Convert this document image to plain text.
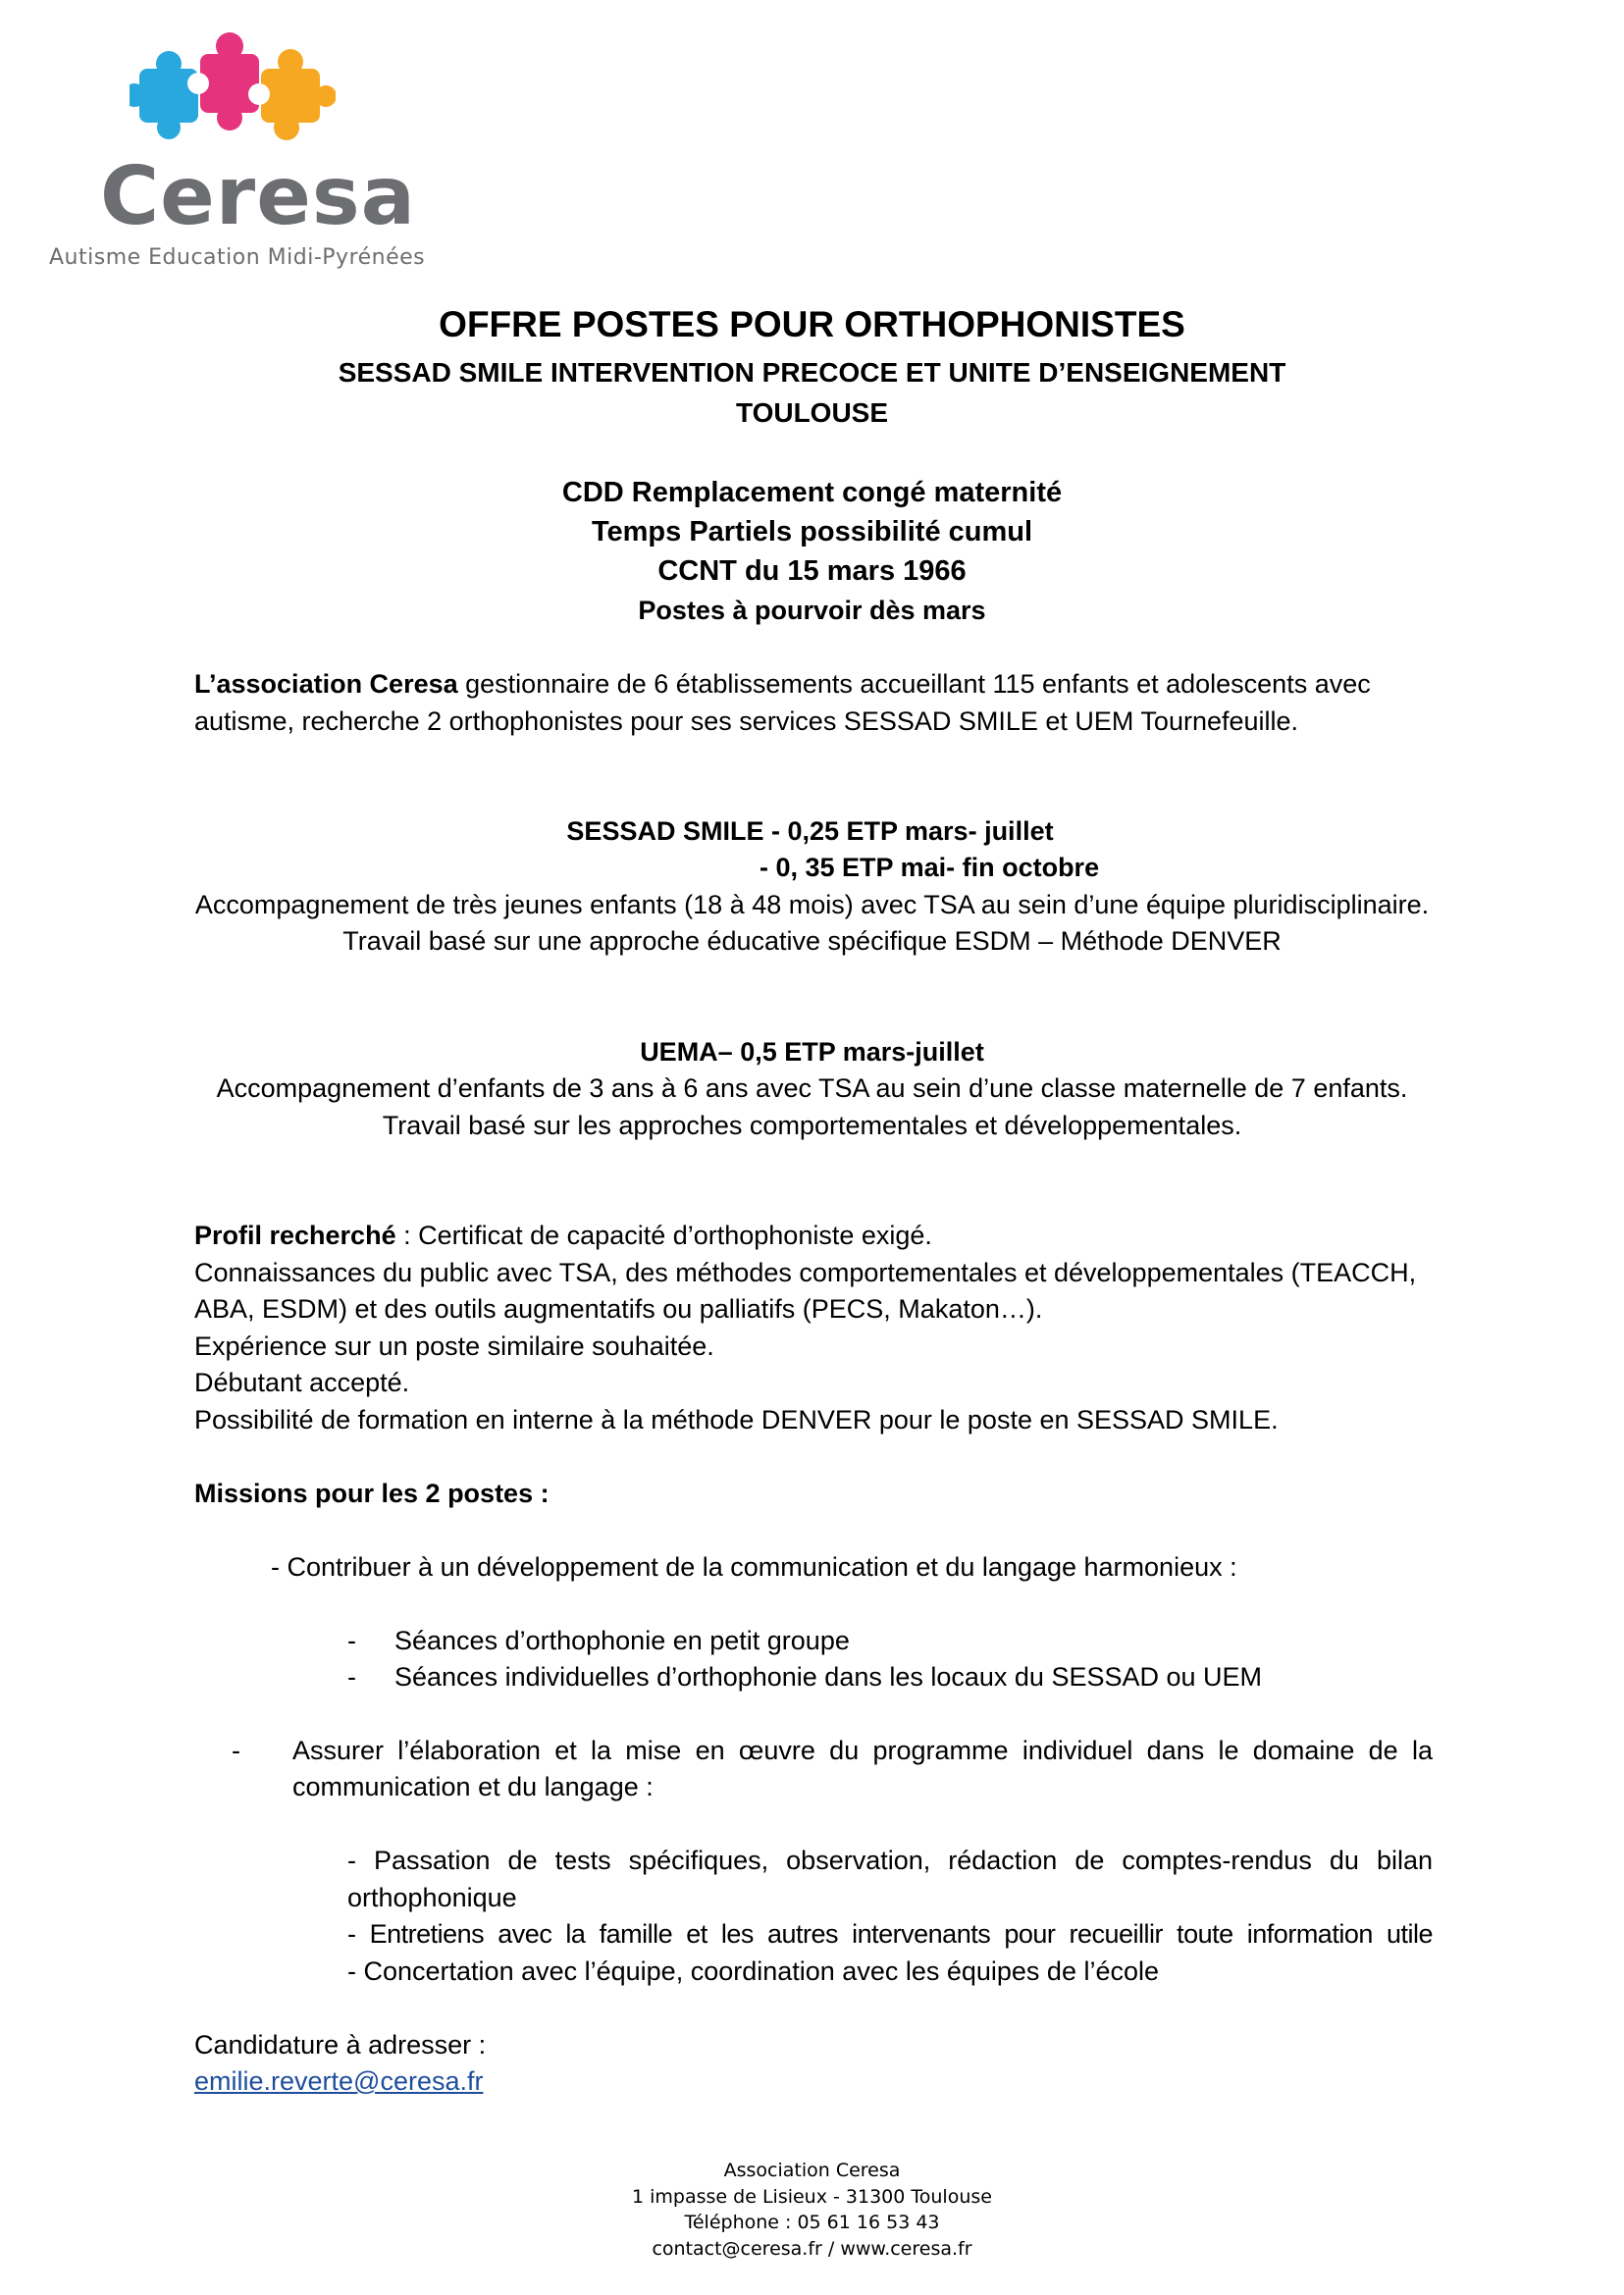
Ceresa
Autisme Education Midi-Pyrénées
OFFRE POSTES POUR ORTHOPHONISTES
SESSAD SMILE INTERVENTION PRECOCE ET UNITE D’ENSEIGNEMENT
TOULOUSE
CDD Remplacement congé maternité
Temps Partiels possibilité cumul
CCNT du 15 mars 1966
Postes à pourvoir dès mars
L’association Ceresa gestionnaire de 6 établissements accueillant 115 enfants et adolescents avec
autisme, recherche 2 orthophonistes pour ses services SESSAD SMILE et UEM Tournefeuille.
SESSAD SMILE - 0,25 ETP mars- juillet
- 0, 35 ETP mai- fin octobre
Accompagnement de très jeunes enfants (18 à 48 mois) avec TSA au sein d’une équipe pluridisciplinaire.
Travail basé sur une approche éducative spécifique ESDM – Méthode DENVER
UEMA– 0,5 ETP mars-juillet
Accompagnement d’enfants de 3 ans à 6 ans avec TSA au sein d’une classe maternelle de 7 enfants.
Travail basé sur les approches comportementales et développementales.
Profil recherché : Certificat de capacité d’orthophoniste exigé.
Connaissances du public avec TSA, des méthodes comportementales et développementales (TEACCH,
ABA, ESDM) et des outils augmentatifs ou palliatifs (PECS, Makaton…).
Expérience sur un poste similaire souhaitée.
Débutant accepté.
Possibilité de formation en interne à la méthode DENVER pour le poste en SESSAD SMILE.
Missions pour les 2 postes :
- Contribuer à un développement de la communication et du langage harmonieux :
- Séances d’orthophonie en petit groupe
- Séances individuelles d’orthophonie dans les locaux du SESSAD ou UEM
- Assurer l’élaboration et la mise en œuvre du programme individuel dans le domaine de la
communication et du langage :
- Passation de tests spécifiques, observation, rédaction de comptes-rendus du bilan
orthophonique
- Entretiens avec la famille et les autres intervenants pour recueillir toute information utile
- Concertation avec l’équipe, coordination avec les équipes de l’école
Candidature à adresser :
emilie.reverte@ceresa.fr
Association Ceresa
1 impasse de Lisieux - 31300 Toulouse
Téléphone : 05 61 16 53 43
contact@ceresa.fr / www.ceresa.fr
